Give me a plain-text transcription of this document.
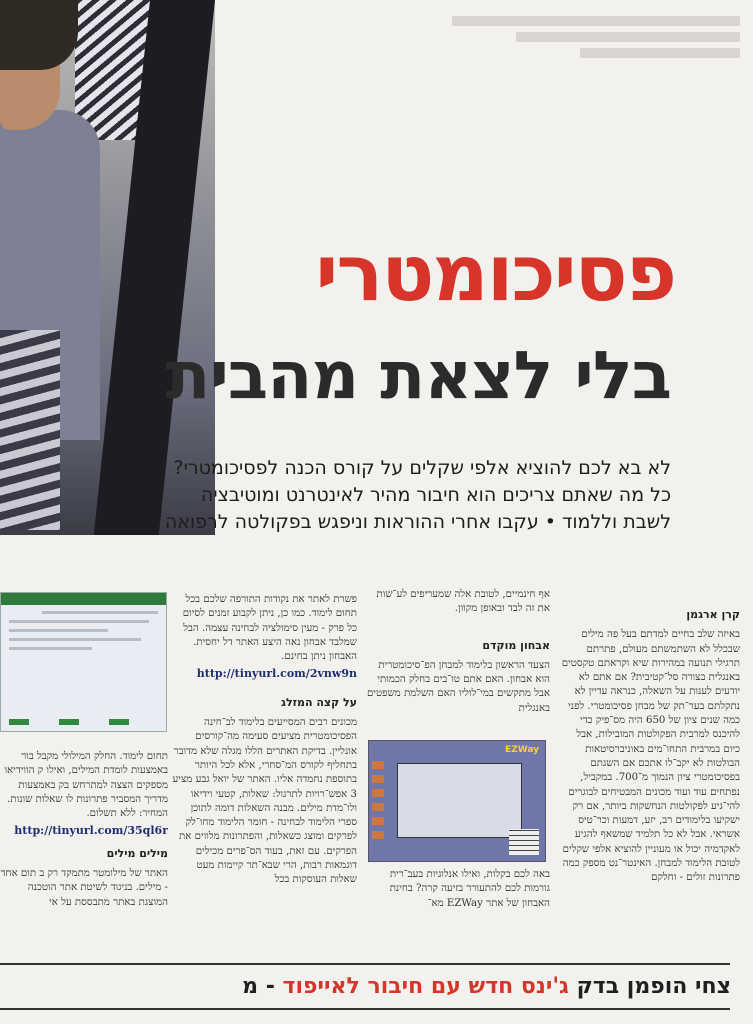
פסיכומטרי
בלי לצאת מהבית

לא בא לכם להוציא אלפי שקלים על קורס הכנה לפסיכומטרי?

כל מה שאתם צריכים הוא חיבור מהיר לאינטרנט ומוטיבציה

לשבת וללמוד • עקבו אחרי ההוראות וניפגש בפקולטה לרפואה

קרן ארגמן

באיזה שלב בחיים למדתם בעל פה מילים שבכלל לא השתמשתם מעולם, פתרתם תרגילי תנועה במהירות שיא וקראתם טקסטים באנגלית בצורה סל־קטיבית? אם אתם לא יודעים לענות על השאלה, כנראה עדיין לא נתקלתם בער־תק של מבחן פסיכומטרי. לפני כמה שנים ציון של 650 היה מס־פיק כדי להיכנס למרבית הפקולטות המובילות, אבל כיום במרבית התחו־מים באוניברסיטאות הבולטות לא יקב־לו אתכם אם השגתם בפסיכומטרי ציון הנמוך מ־700. במקביל, נפתחים עוד ועוד מכונים המבטיחים לבוגרים להי־גיע לפקולטות הנחשקות ביותר, אם רק ישקיעו בלימודים רב, יזע, דמעות וכר־טיס אשראי. אבל לא כל תלמיד שמשאף להגיע לאקדמיה יכול או מעוניין להוציא אלפי שקלים לטובת הלימוד למבחן. האינטר־נט מספק כמה פתרונות זולים - וחלקם

אף חינמיים, לטובת אלה שמעריפים לע־שות את זה לבד ובאופן מקוון.

אבחון מוקדם

הצעד הראשון בלימוד למבחן הפ־סיכומטרית הוא אבחון. האם אתם טו־בים בחלק הכמותי אבל מתקשים במי־לוליו האם השלמת משפטים באנגלית

EZWay

באה לכם בקלות, ואילו אנלוגיות בעב־רית גורמות לכם להתעורר בזיעה קרה? בחינת האבחון של אתר EZWay מא־

פשרת לאתר את נקודות התורפה שלכם בכל תחום לימוד. כמו כן, ניתן לקבוע זמנים לסיום כל פרק - מעין סימולציה לבחינה עצמה. הבל שמלבד אבחון נאה היצע האתר דל יחסית. האבחון ניתן בחינם.

http://tinyurl.com/2vnw9n

על קצה המזלג

מכונים רבים המסייעים בלימוד לב־חינה הפסיכומטרית מציעים סעימה מה־קורסים אונליין. בדיקת האתרים הללו מגלה שלא מדובר בתחליף לקורס המ־סחרי, אלא לכל היותר בתוספת נחמדה אליו. האתר של יואל גבע מציע 3 אפש־רויות לתרגול: שאלות, קטעי וידיאו ולו־מדת מילים. מבנה השאלות דומה לתוכן ספרי הלימוד לבחינה - חומר הלימוד מחו־לק לפרקים ומוצג כשאלות, והפתרונות מלווים את הפרקים. עם זאת, בעוד הס־פרים מכילים דוגמאות רבות, הרי שבא־תר קיימות מעט שאלות העוסקות בכל

תחום לימוד. החלק המילולי מקבל בור באמצעות לומדת המילים, ואילו ק הווידיאו מספקים הצצה למתרחש בק באמצעות מדריך המסביר פתרונות לו שאלות שונות. המחיר: ללא תשלום.

http://tinyurl.com/35ql6r

מילים מילים

האתר של מילומטר מתמקד רק ב תום אחד - מילים. בניגוד לשיטת אתר הוטכנה המוצגת באתר מתבססת על אי

צחי הופמן בדק ג'ינס חדש עם חיבור לאייפוד - מ
